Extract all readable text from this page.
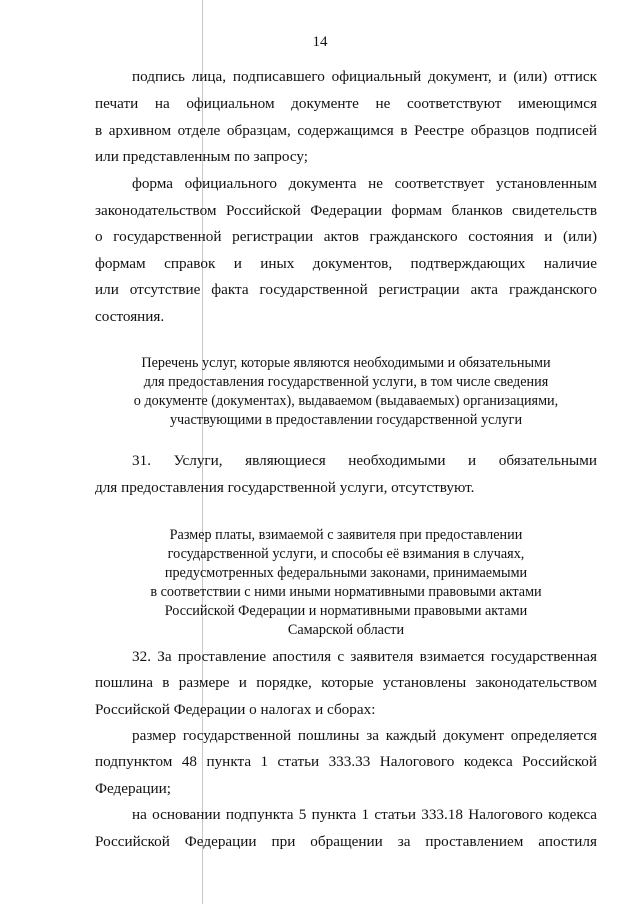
14
подпись лица, подписавшего официальный документ, и (или) оттиск
печати на официальном документе не соответствуют имеющимся
в архивном отделе образцам, содержащимся в Реестре образцов подписей
или представленным по запросу;
форма официального документа не соответствует установленным
законодательством Российской Федерации формам бланков свидетельств
о государственной регистрации актов гражданского состояния и (или)
формам справок и иных документов, подтверждающих наличие
или отсутствие факта государственной регистрации акта гражданского
состояния.
Перечень услуг, которые являются необходимыми и обязательными
для предоставления государственной услуги, в том числе сведения
о документе (документах), выдаваемом (выдаваемых) организациями,
участвующими в предоставлении государственной услуги
31. Услуги, являющиеся необходимыми и обязательными
для предоставления государственной услуги, отсутствуют.
Размер платы, взимаемой с заявителя при предоставлении
государственной услуги, и способы её взимания в случаях,
предусмотренных федеральными законами, принимаемыми
в соответствии с ними иными нормативными правовыми актами
Российской Федерации и нормативными правовыми актами
Самарской области
32. За проставление апостиля с заявителя взимается государственная
пошлина в размере и порядке, которые установлены законодательством
Российской Федерации о налогах и сборах:
размер государственной пошлины за каждый документ определяется
подпунктом 48 пункта 1 статьи 333.33 Налогового кодекса Российской
Федерации;
на основании подпункта 5 пункта 1 статьи 333.18 Налогового кодекса
Российской Федерации при обращении за проставлением апостиля
